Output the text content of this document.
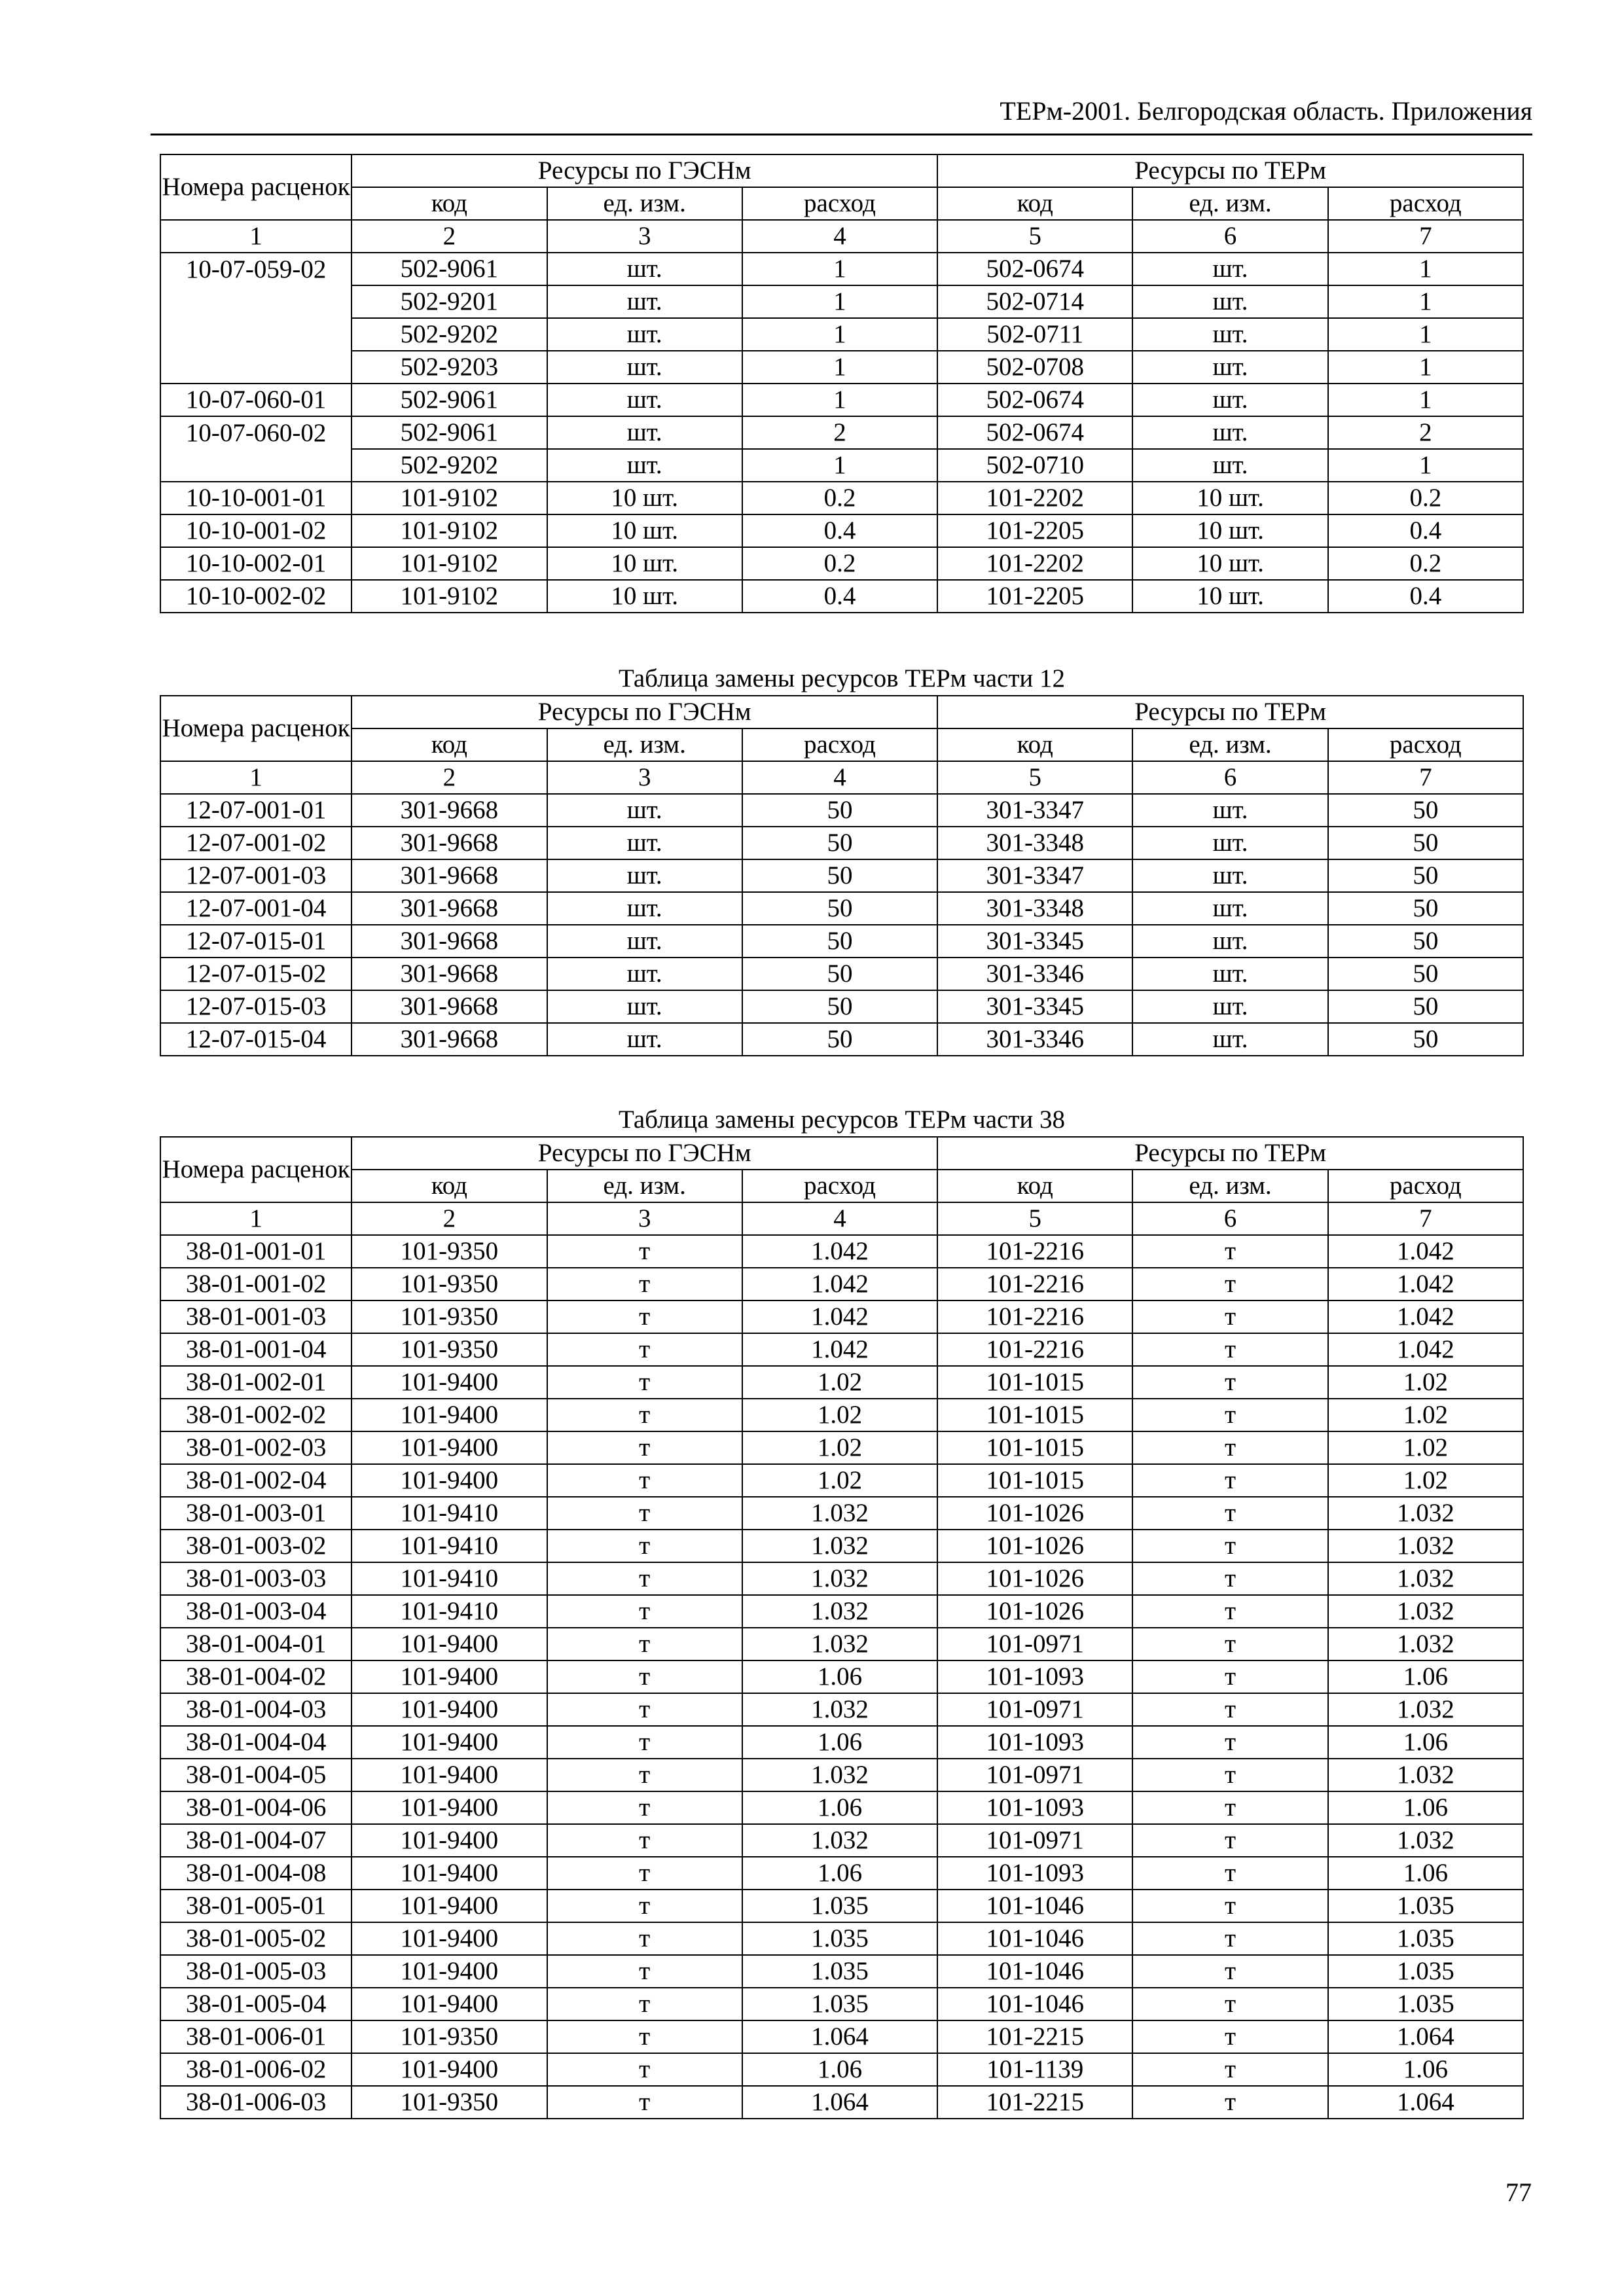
ТЕРм-2001. Белгородская область. Приложения
Номера расценок	Ресурсы по ГЭСНм			Ресурсы по ТЕРм		
	код	ед. изм.	расход	код	ед. изм.	расход
1	2	3	4	5	6	7
10-07-059-02	502-9061	шт.	1	502-0674	шт.	1
	502-9201	шт.	1	502-0714	шт.	1
	502-9202	шт.	1	502-0711	шт.	1
	502-9203	шт.	1	502-0708	шт.	1
10-07-060-01	502-9061	шт.	1	502-0674	шт.	1
10-07-060-02	502-9061	шт.	2	502-0674	шт.	2
	502-9202	шт.	1	502-0710	шт.	1
10-10-001-01	101-9102	10 шт.	0.2	101-2202	10 шт.	0.2
10-10-001-02	101-9102	10 шт.	0.4	101-2205	10 шт.	0.4
10-10-002-01	101-9102	10 шт.	0.2	101-2202	10 шт.	0.2
10-10-002-02	101-9102	10 шт.	0.4	101-2205	10 шт.	0.4
Таблица замены ресурсов ТЕРм части 12
Номера расценок	Ресурсы по ГЭСНм			Ресурсы по ТЕРм		
	код	ед. изм.	расход	код	ед. изм.	расход
1	2	3	4	5	6	7
12-07-001-01	301-9668	шт.	50	301-3347	шт.	50
12-07-001-02	301-9668	шт.	50	301-3348	шт.	50
12-07-001-03	301-9668	шт.	50	301-3347	шт.	50
12-07-001-04	301-9668	шт.	50	301-3348	шт.	50
12-07-015-01	301-9668	шт.	50	301-3345	шт.	50
12-07-015-02	301-9668	шт.	50	301-3346	шт.	50
12-07-015-03	301-9668	шт.	50	301-3345	шт.	50
12-07-015-04	301-9668	шт.	50	301-3346	шт.	50
Таблица замены ресурсов ТЕРм части 38
Номера расценок	Ресурсы по ГЭСНм			Ресурсы по ТЕРм		
	код	ед. изм.	расход	код	ед. изм.	расход
1	2	3	4	5	6	7
38-01-001-01	101-9350	т	1.042	101-2216	т	1.042
38-01-001-02	101-9350	т	1.042	101-2216	т	1.042
38-01-001-03	101-9350	т	1.042	101-2216	т	1.042
38-01-001-04	101-9350	т	1.042	101-2216	т	1.042
38-01-002-01	101-9400	т	1.02	101-1015	т	1.02
38-01-002-02	101-9400	т	1.02	101-1015	т	1.02
38-01-002-03	101-9400	т	1.02	101-1015	т	1.02
38-01-002-04	101-9400	т	1.02	101-1015	т	1.02
38-01-003-01	101-9410	т	1.032	101-1026	т	1.032
38-01-003-02	101-9410	т	1.032	101-1026	т	1.032
38-01-003-03	101-9410	т	1.032	101-1026	т	1.032
38-01-003-04	101-9410	т	1.032	101-1026	т	1.032
38-01-004-01	101-9400	т	1.032	101-0971	т	1.032
38-01-004-02	101-9400	т	1.06	101-1093	т	1.06
38-01-004-03	101-9400	т	1.032	101-0971	т	1.032
38-01-004-04	101-9400	т	1.06	101-1093	т	1.06
38-01-004-05	101-9400	т	1.032	101-0971	т	1.032
38-01-004-06	101-9400	т	1.06	101-1093	т	1.06
38-01-004-07	101-9400	т	1.032	101-0971	т	1.032
38-01-004-08	101-9400	т	1.06	101-1093	т	1.06
38-01-005-01	101-9400	т	1.035	101-1046	т	1.035
38-01-005-02	101-9400	т	1.035	101-1046	т	1.035
38-01-005-03	101-9400	т	1.035	101-1046	т	1.035
38-01-005-04	101-9400	т	1.035	101-1046	т	1.035
38-01-006-01	101-9350	т	1.064	101-2215	т	1.064
38-01-006-02	101-9400	т	1.06	101-1139	т	1.06
38-01-006-03	101-9350	т	1.064	101-2215	т	1.064
77
